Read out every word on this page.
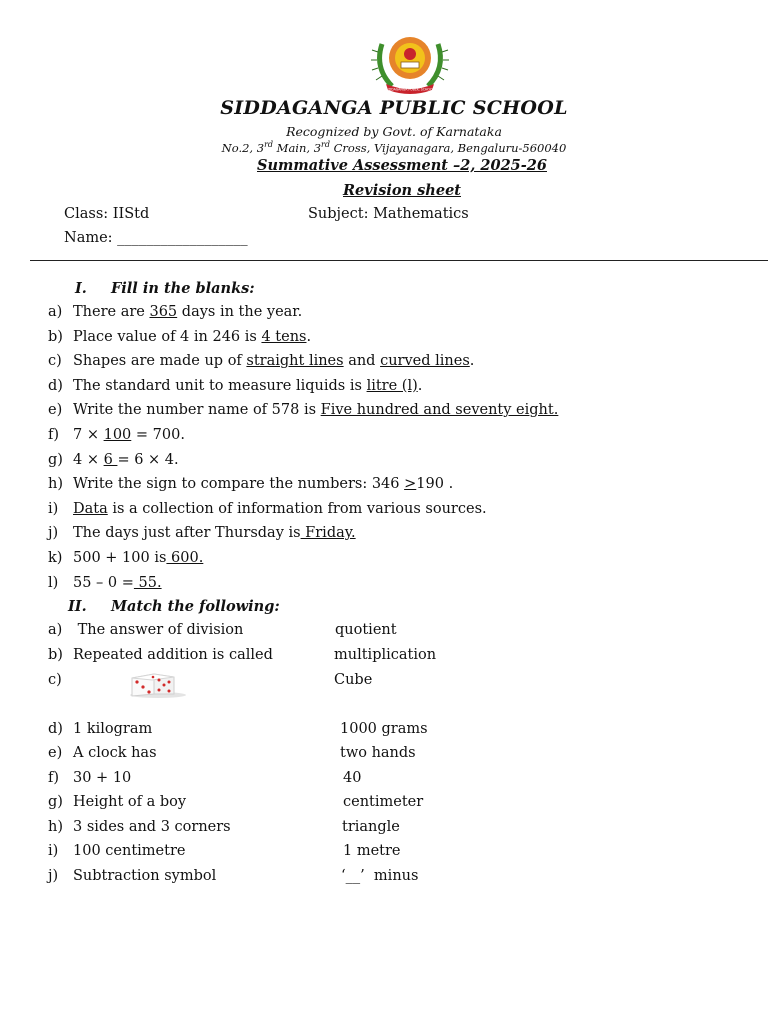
SIDDAGANGA PUBLIC SCHOOL
SIDDAGANGA PUBLIC SCHOOL
Recognized by Govt. of Karnataka
No.2, 3rd Main, 3rd Cross, Vijayanagara, Bengaluru-560040
Summative Assessment –2, 2025-26
Revision sheet
Class: IIStd	Subject: Mathematics
Name: __________________
I. Fill in the blanks:
a) There are 365 days in the year.
b) Place value of 4 in 246 is 4 tens.
c) Shapes are made up of straight lines and curved lines.
d) The standard unit to measure liquids is litre (l).
e) Write the number name of 578 is Five hundred and seventy eight.
f) 7 × 100 = 700.
g) 4 × 6 = 6 × 4.
h) Write the sign to compare the numbers: 346 >190 .
i) Data is a collection of information from various sources.
j) The days just after Thursday is Friday.
k) 500 + 100 is 600.
l) 55 – 0 = 55.
II. Match the following:
a) The answer of division	quotient
b) Repeated addition is called	multiplication
c)	Cube
d) 1 kilogram	1000 grams
e) A clock has	two hands
f) 30 + 10	40
g) Height of a boy	centimeter
h) 3 sides and 3 corners	triangle
i) 100 centimetre	1 metre
j) Subtraction symbol	‘__’  minus
